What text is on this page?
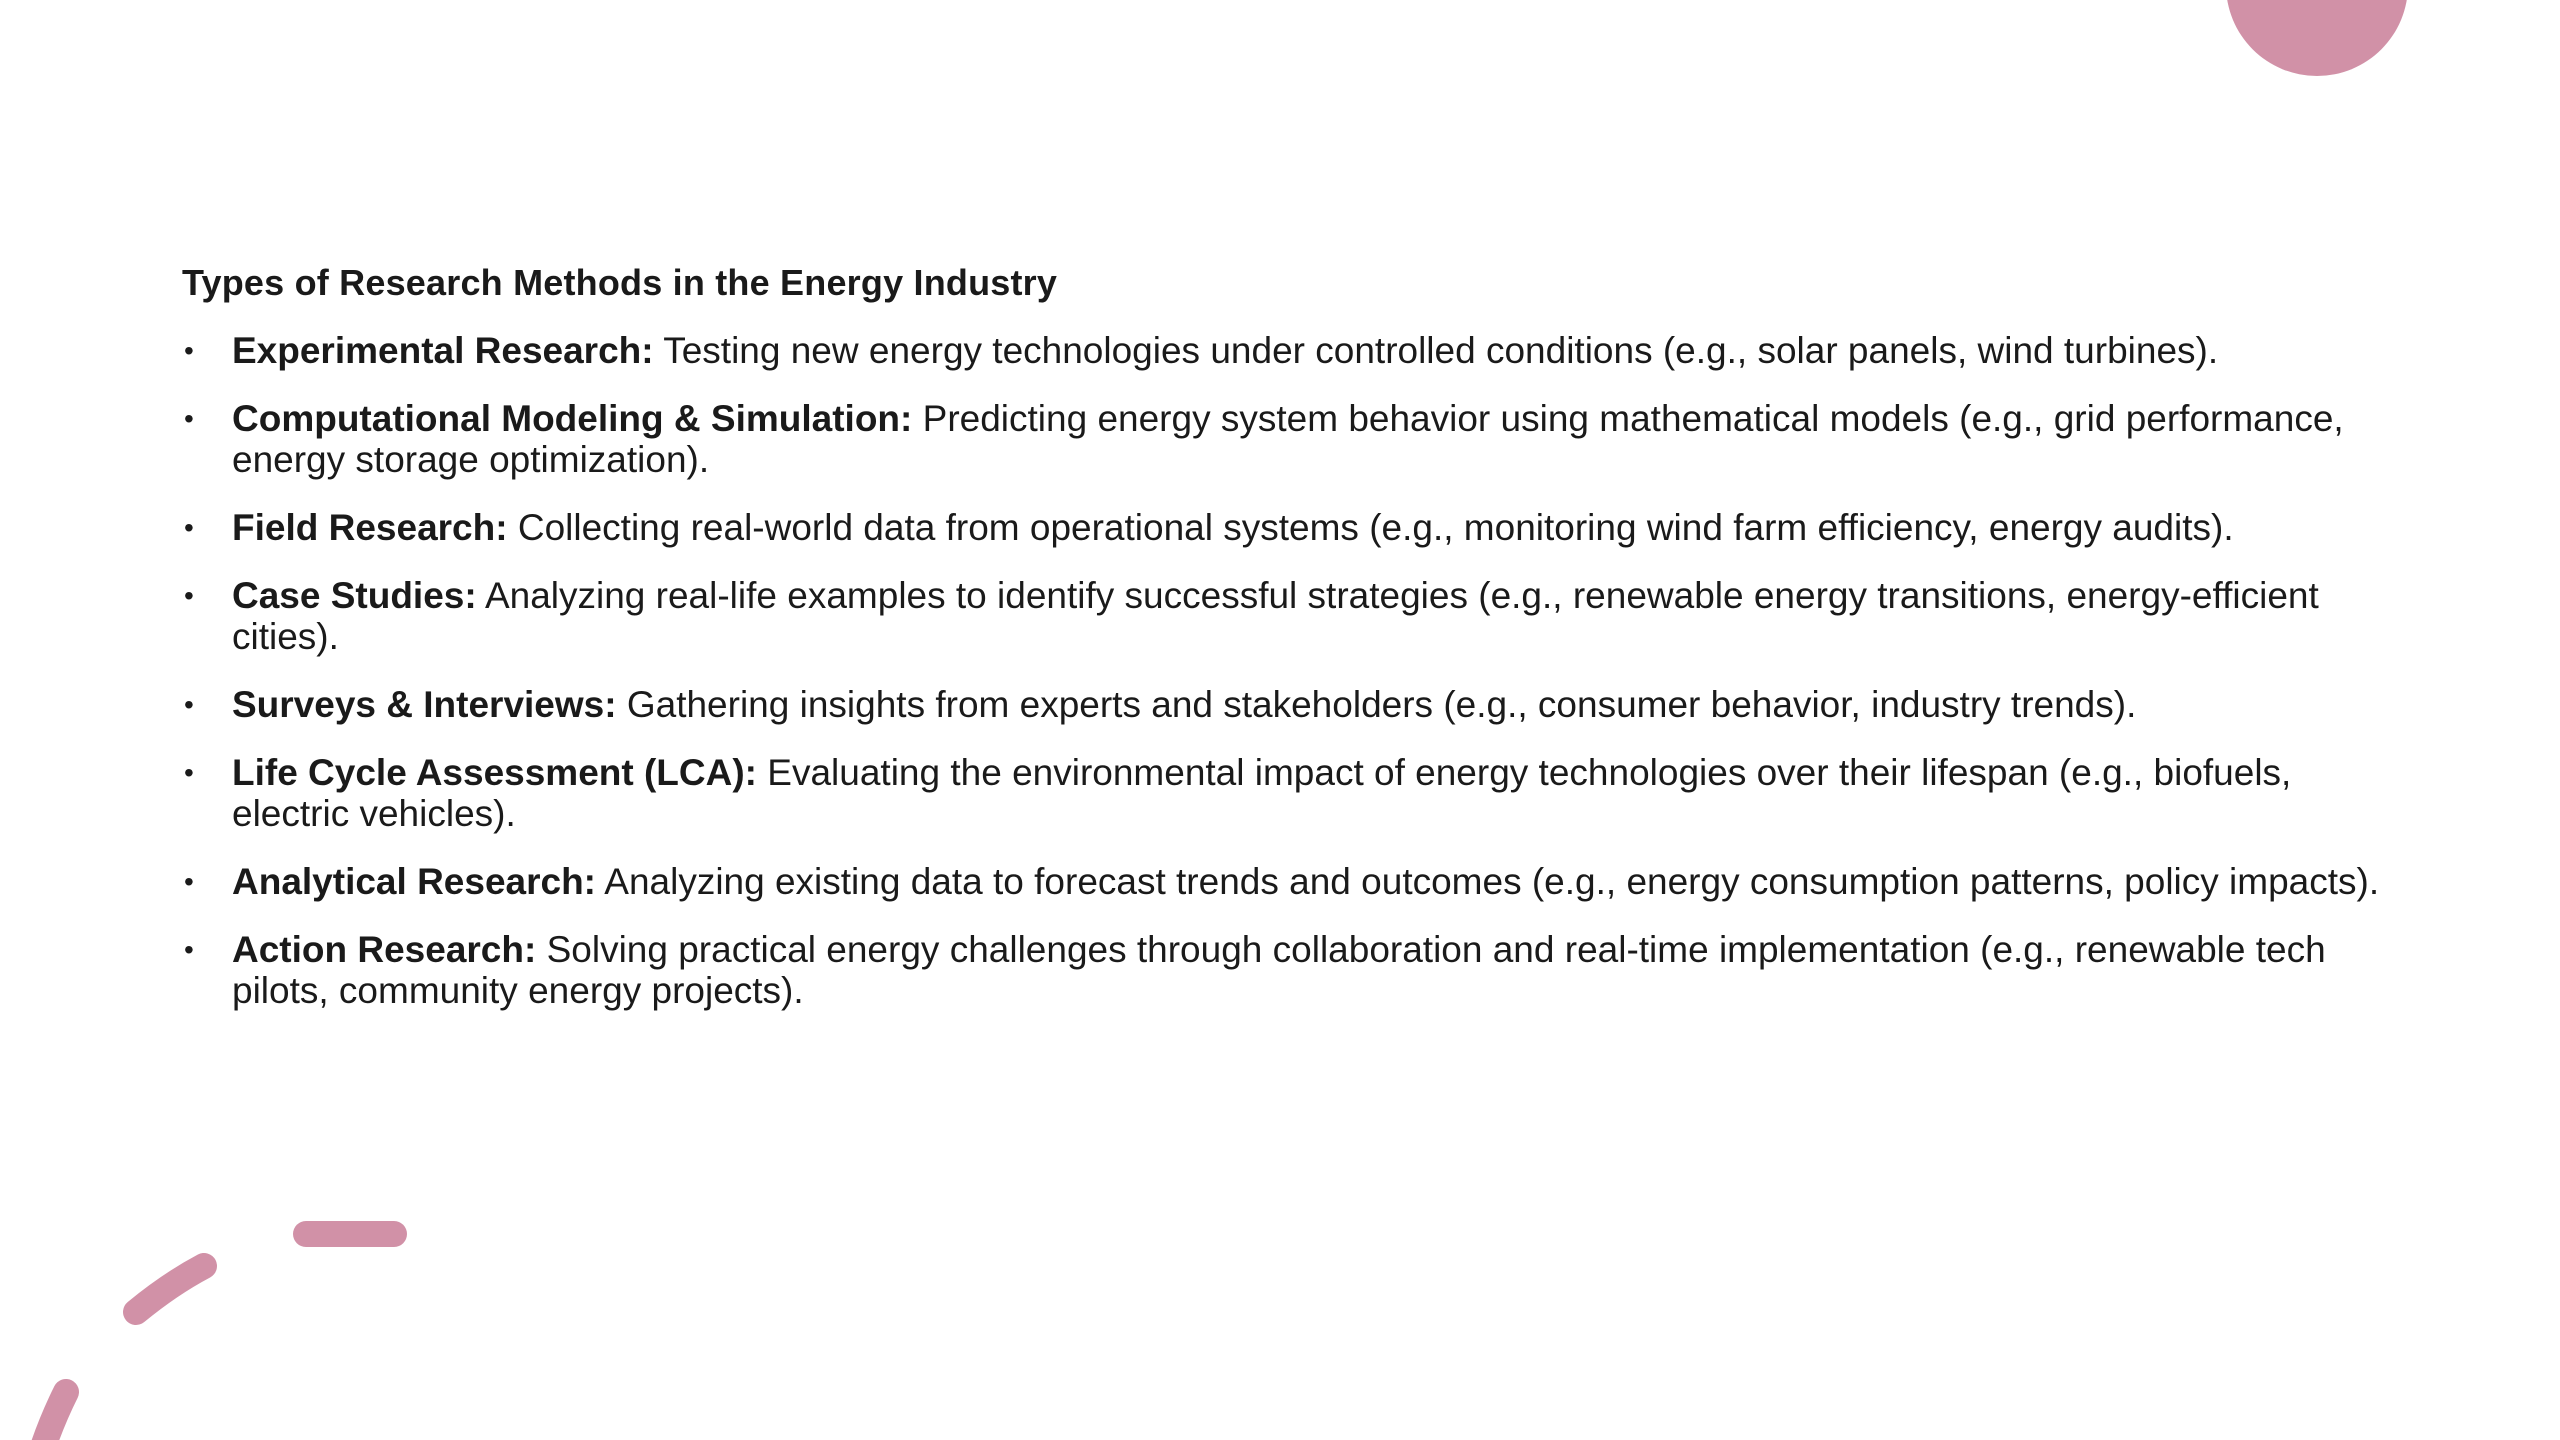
Types of Research Methods in the Energy Industry
• Experimental Research: Testing new energy technologies under controlled conditions (e.g., solar panels, wind turbines).
• Computational Modeling & Simulation: Predicting energy system behavior using mathematical models (e.g., grid performance, energy storage optimization).
• Field Research: Collecting real-world data from operational systems (e.g., monitoring wind farm efficiency, energy audits).
• Case Studies: Analyzing real-life examples to identify successful strategies (e.g., renewable energy transitions, energy-efficient cities).
• Surveys & Interviews: Gathering insights from experts and stakeholders (e.g., consumer behavior, industry trends).
• Life Cycle Assessment (LCA): Evaluating the environmental impact of energy technologies over their lifespan (e.g., biofuels, electric vehicles).
• Analytical Research: Analyzing existing data to forecast trends and outcomes (e.g., energy consumption patterns, policy impacts).
• Action Research: Solving practical energy challenges through collaboration and real-time implementation (e.g., renewable tech pilots, community energy projects).
